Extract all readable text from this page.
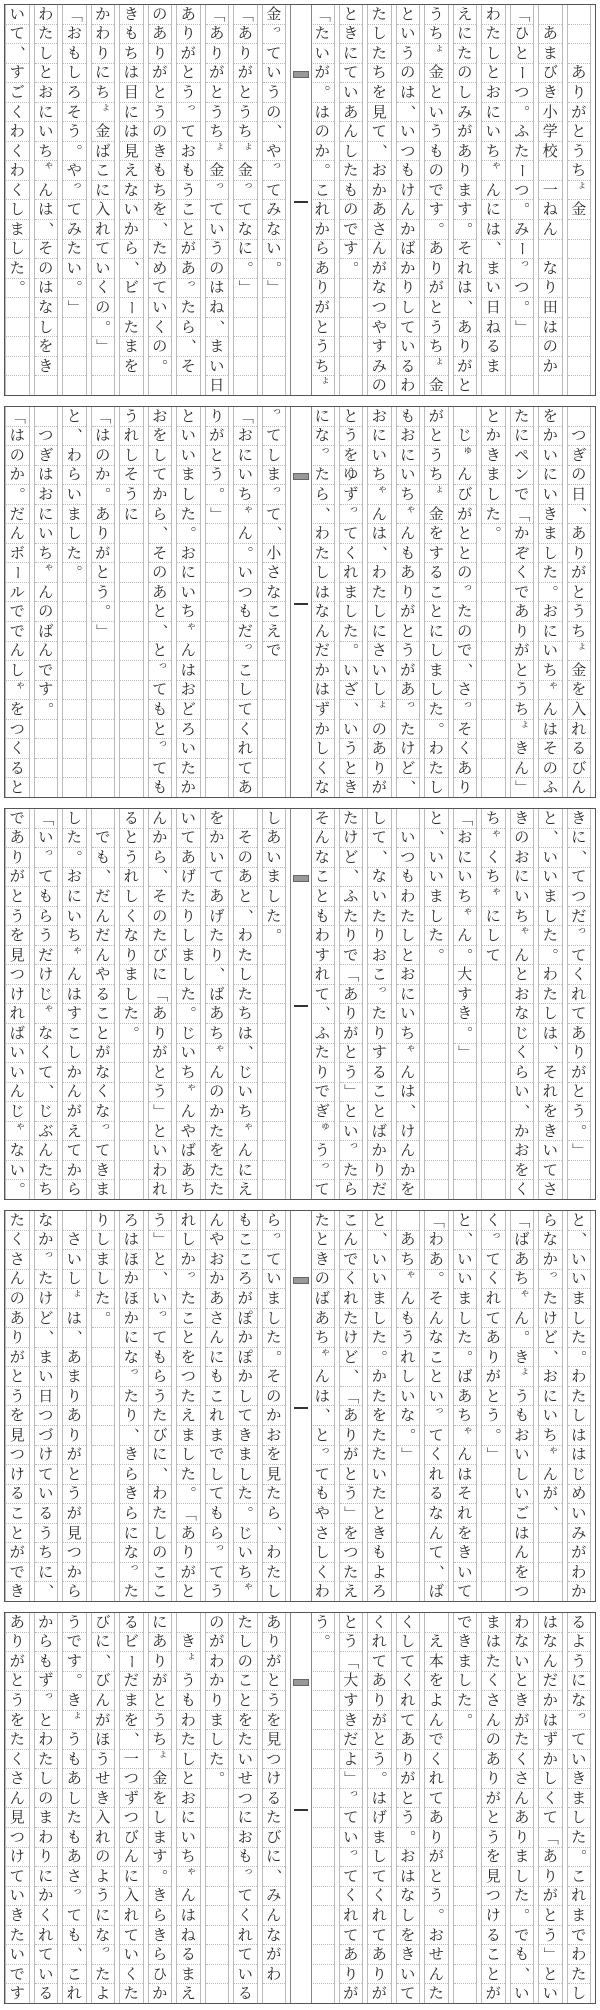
あ
り
が
と
う
ち
ょ
金
あ
ま
び
き
小
学
校
一
ね
ん
な
り
田
は
の
か
「
ひ
と
ー
つ
。
ふ
た
ー
つ
。
み
ー
っ
つ
。
」
わ
た
し
と
お
に
い
ち
ゃ
ん
に
は
、
ま
い
日
ね
る
ま
え
に
た
の
し
み
が
あ
り
ま
す
。
そ
れ
は
、
あ
り
が
と
う
ち
ょ
金
と
い
う
も
の
で
す
。
あ
り
が
と
う
ち
ょ
金
と
い
う
の
は
、
い
つ
も
け
ん
か
ば
か
り
し
て
い
る
わ
た
し
た
ち
を
見
て
、
お
か
あ
さ
ん
が
な
つ
や
す
み
の
と
き
に
て
い
あ
ん
し
た
も
の
で
す
。
「
た
い
が
。
は
の
か
。
こ
れ
か
ら
あ
り
が
と
う
ち
ょ
金
っ
て
い
う
の
、
や
っ
て
み
な
い
。
」
「
あ
り
が
と
う
ち
ょ
金
っ
て
な
に
。
」
「
あ
り
が
と
う
ち
ょ
金
っ
て
い
う
の
は
ね
、
ま
い
日
あ
り
が
と
う
っ
て
お
も
う
こ
と
が
あ
っ
た
ら
、
そ
の
あ
り
が
と
う
の
き
も
ち
を
、
た
め
て
い
く
の
。
き
も
ち
は
目
に
は
見
え
な
い
か
ら
、
ビ
ー
た
ま
を
か
わ
り
に
ち
ょ
金
ば
こ
に
入
れ
て
い
く
の
。
」
「
お
も
し
ろ
そ
う
。
や
っ
て
み
た
い
。
」
わ
た
し
と
お
に
い
ち
ゃ
ん
は
、
そ
の
は
な
し
を
き
い
て
、
す
ご
く
わ
く
わ
く
し
ま
し
た
。
つ
ぎ
の
日
、
あ
り
が
と
う
ち
ょ
金
を
入
れ
る
び
ん
を
か
い
に
い
き
ま
し
た
。
お
に
い
ち
ゃ
ん
は
そ
の
ふ
た
に
ペ
ン
で
「
か
ぞ
く
で
あ
り
が
と
う
ち
ょ
き
ん
」
と
か
き
ま
し
た
。
じ
ゅ
ん
び
が
と
と
の
っ
た
の
で
、
さ
っ
そ
く
あ
り
が
と
う
ち
ょ
金
を
す
る
こ
と
に
し
ま
し
た
。
わ
た
し
も
お
に
い
ち
ゃ
ん
も
あ
り
が
と
う
が
あ
っ
た
け
ど
、
お
に
い
ち
ゃ
ん
は
、
わ
た
し
に
さ
い
し
ょ
の
あ
り
が
と
う
を
ゆ
ず
っ
て
く
れ
ま
し
た
。
い
ざ
、
い
う
と
き
に
な
っ
た
ら
、
わ
た
し
は
な
ん
だ
か
は
ず
か
し
く
な
っ
て
し
ま
っ
て
、
小
さ
な
こ
え
で
「
お
に
い
ち
ゃ
ん
。
い
つ
も
だ
っ
こ
し
て
く
れ
て
あ
り
が
と
う
。
」
と
い
い
ま
し
た
。
お
に
い
ち
ゃ
ん
は
お
ど
ろ
い
た
か
お
を
し
て
か
ら
、
そ
の
あ
と
、
と
っ
て
も
と
っ
て
も
う
れ
し
そ
う
に
「
は
の
か
。
あ
り
が
と
う
。
」
と
、
わ
ら
い
ま
し
た
。
つ
ぎ
は
お
に
い
ち
ゃ
ん
の
ば
ん
で
す
。
「
は
の
か
。
だ
ん
ボ
ー
ル
で
で
ん
し
ゃ
を
つ
く
る
と
き
に
、
て
つ
だ
っ
て
く
れ
て
あ
り
が
と
う
。
」
と
、
い
い
ま
し
た
。
わ
た
し
は
、
そ
れ
を
き
い
て
さ
き
の
お
に
い
ち
ゃ
ん
と
お
な
じ
く
ら
い
、
か
お
を
く
ち
ゃ
く
ち
ゃ
に
し
て
「
お
に
い
ち
ゃ
ん
。
大
す
き
。
」
と
、
い
い
ま
し
た
。
い
つ
も
わ
た
し
と
お
に
い
ち
ゃ
ん
は
、
け
ん
か
を
し
て
、
な
い
た
り
お
こ
っ
た
り
す
る
こ
と
ば
か
り
だ
た
け
ど
、
ふ
た
り
で
「
あ
り
が
と
う
」
と
い
っ
た
ら
そ
ん
な
こ
と
も
わ
す
れ
て
、
ふ
た
り
で
ぎ
ゅ
う
っ
て
し
あ
い
ま
し
た
。
そ
の
あ
と
、
わ
た
し
た
ち
は
、
じ
い
ち
ゃ
ん
に
え
を
か
い
て
あ
げ
た
り
、
ば
あ
ち
ゃ
ん
の
か
た
を
た
た
い
て
あ
げ
た
り
し
ま
し
た
。
じ
い
ち
ゃ
ん
や
ば
あ
ち
ん
か
ら
、
そ
の
た
び
に
「
あ
り
が
と
う
」
と
い
わ
れ
る
と
う
れ
し
く
な
り
ま
し
た
。
で
も
、
だ
ん
だ
ん
や
る
こ
と
が
な
く
な
っ
て
き
ま
し
た
。
お
に
い
ち
ゃ
ん
は
す
こ
し
か
ん
が
え
て
か
ら
「
い
っ
て
も
ら
う
だ
け
じ
ゃ
な
く
て
、
じ
ぶ
ん
た
ち
で
あ
り
が
と
う
を
見
つ
け
れ
ば
い
い
ん
じ
ゃ
な
い
。
と
、
い
い
ま
し
た
。
わ
た
し
は
は
じ
め
い
み
が
わ
か
ら
な
か
っ
た
け
ど
、
お
に
い
ち
ゃ
ん
が
、
「
ば
あ
ち
ゃ
ん
。
き
ょ
う
も
お
い
し
い
ご
は
ん
を
つ
く
っ
て
く
れ
て
あ
り
が
と
う
。
」
と
、
い
い
ま
し
た
。
ば
あ
ち
ゃ
ん
は
そ
れ
を
き
い
て
「
わ
あ
。
そ
ん
な
こ
と
い
っ
て
く
れ
る
な
ん
て
、
ば
あ
ち
ゃ
ん
も
う
れ
し
い
な
。
」
と
、
い
い
ま
し
た
。
か
た
を
た
た
い
た
と
き
も
よ
ろ
こ
ん
で
く
れ
た
け
ど
、
「
あ
り
が
と
う
」
を
つ
た
え
た
と
き
の
ば
あ
ち
ゃ
ん
は
、
と
っ
て
も
や
さ
し
く
わ
ら
っ
て
い
ま
し
た
。
そ
の
か
お
を
見
た
ら
、
わ
た
し
も
こ
こ
ろ
が
ぽ
か
ぽ
か
し
て
き
ま
し
た
。
じ
い
ち
ゃ
ん
や
お
か
あ
さ
ん
に
も
こ
れ
ま
で
し
て
も
ら
っ
て
う
れ
し
か
っ
た
こ
と
を
つ
た
え
ま
し
た
。
「
あ
り
が
と
う
」
と
、
い
っ
て
も
ら
う
た
び
に
、
わ
た
し
の
こ
こ
ろ
は
ほ
か
ほ
か
に
な
っ
た
り
、
き
ら
き
ら
に
な
っ
た
り
し
ま
し
た
。
さ
い
し
ょ
は
、
あ
ま
り
あ
り
が
と
う
が
見
つ
か
ら
な
か
っ
た
け
ど
、
ま
い
日
つ
づ
け
て
い
る
う
ち
に
、
た
く
さ
ん
の
あ
り
が
と
う
を
見
つ
け
る
こ
と
が
で
き
る
よ
う
に
な
っ
て
い
き
ま
し
た
。
こ
れ
ま
で
わ
た
し
は
な
ん
だ
か
は
ず
か
し
く
て
「
あ
り
が
と
う
」
と
い
わ
な
い
と
き
が
た
く
さ
ん
あ
り
ま
し
た
。
で
も
、
い
ま
は
た
く
さ
ん
の
あ
り
が
と
う
を
見
つ
け
る
こ
と
が
で
き
ま
し
た
。
え
本
を
よ
ん
で
く
れ
て
あ
り
が
と
う
。
お
せ
ん
た
く
し
て
く
れ
て
あ
り
が
と
う
。
お
は
な
し
を
き
い
て
く
れ
て
あ
り
が
と
う
。
は
げ
ま
し
て
く
れ
て
あ
り
が
と
う
「
大
す
き
だ
よ
」
っ
て
い
っ
て
く
れ
て
あ
り
が
う
。
あ
り
が
と
う
を
見
つ
け
る
た
び
に
、
み
ん
な
が
わ
た
し
の
こ
と
を
た
い
せ
つ
に
お
も
っ
て
く
れ
て
い
る
の
が
わ
か
り
ま
し
た
。
き
ょ
う
も
わ
た
し
と
お
に
い
ち
ゃ
ん
は
ね
る
ま
え
に
あ
り
が
と
う
ち
ょ
金
を
し
ま
す
。
き
ら
き
ら
ひ
か
る
ビ
ー
だ
ま
を
、
一
つ
ず
つ
び
ん
に
入
れ
て
い
く
た
び
に
、
び
ん
が
ほ
う
せ
き
入
れ
の
よ
う
に
な
っ
た
よ
う
で
す
。
き
ょ
う
も
あ
し
た
も
あ
さ
っ
て
も
、
こ
れ
か
ら
も
ず
っ
と
わ
た
し
の
ま
わ
り
に
か
く
れ
て
い
る
あ
り
が
と
う
を
た
く
さ
ん
見
つ
け
て
い
き
た
い
で
す
